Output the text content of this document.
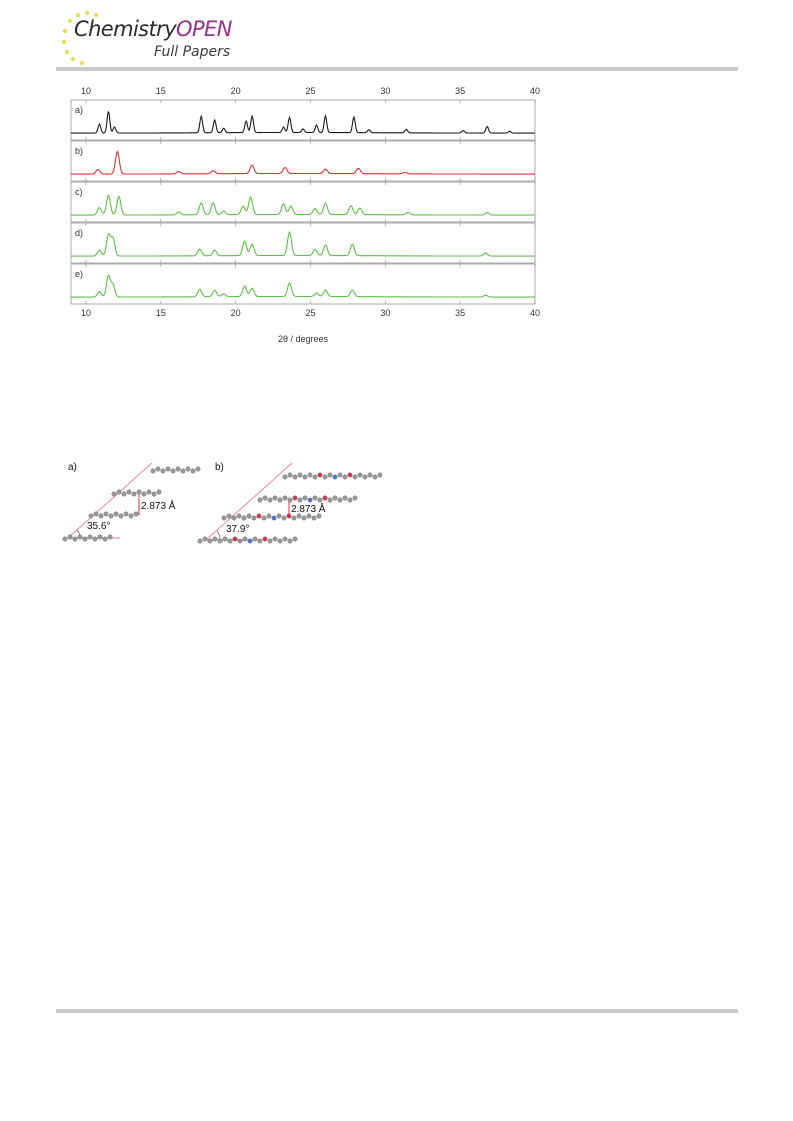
ChemistryOPEN
Full Papers
10
10
15
15
20
20
25
25
30
30
35
35
40
40
a)
b)
c)
d)
e)
2θ / degrees
a)
2.873 Å
35.6°
b)
2.873 Å
37.9°
